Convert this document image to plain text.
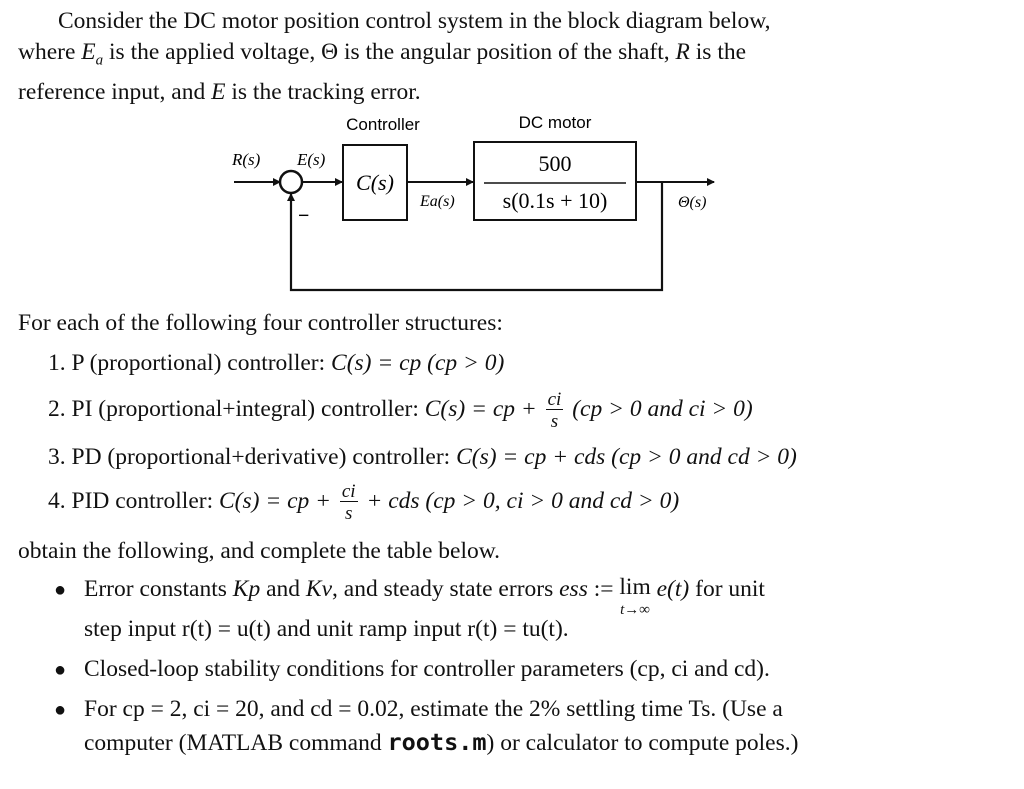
Consider the DC motor position control system in the block diagram below,

where $E_a$ is the applied voltage, Θ is the angular position of the shaft, R is the

reference input, and E is the tracking error.

Controller	DC motor
R(s) E(s)
C(s)
Ea(s)
500
s(0.1s + 10)	Θ(s)
−
For each of the following four controller structures:
1. P (proportional) controller: C(s) = cp (cp > 0)
2. PI (proportional+integral) controller: C(s) = cp + $\frac{ci}{s} (cp > 0$ and ci > 0)
3. PD (proportional+derivative) controller: C(s) = cp + cds (cp > 0 and cd > 0)
4. PID controller: C(s) = cp + $\frac{ci}{s}$ + cds (cp > 0, ci > 0 and cd > 0)
obtain the following, and complete the table below.
● Error constants Kp and Kv, and steady state errors ess := lim
t→∞
e(t) for unit
step input r(t) = u(t) and unit ramp input r(t) = tu(t).
● Closed-loop stability conditions for controller parameters (cp, ci and cd).
● For cp = 2, ci = 20, and cd = 0.02, estimate the 2% settling time Ts. (Use a
computer (MATLAB command roots.m) or calculator to compute poles.)
